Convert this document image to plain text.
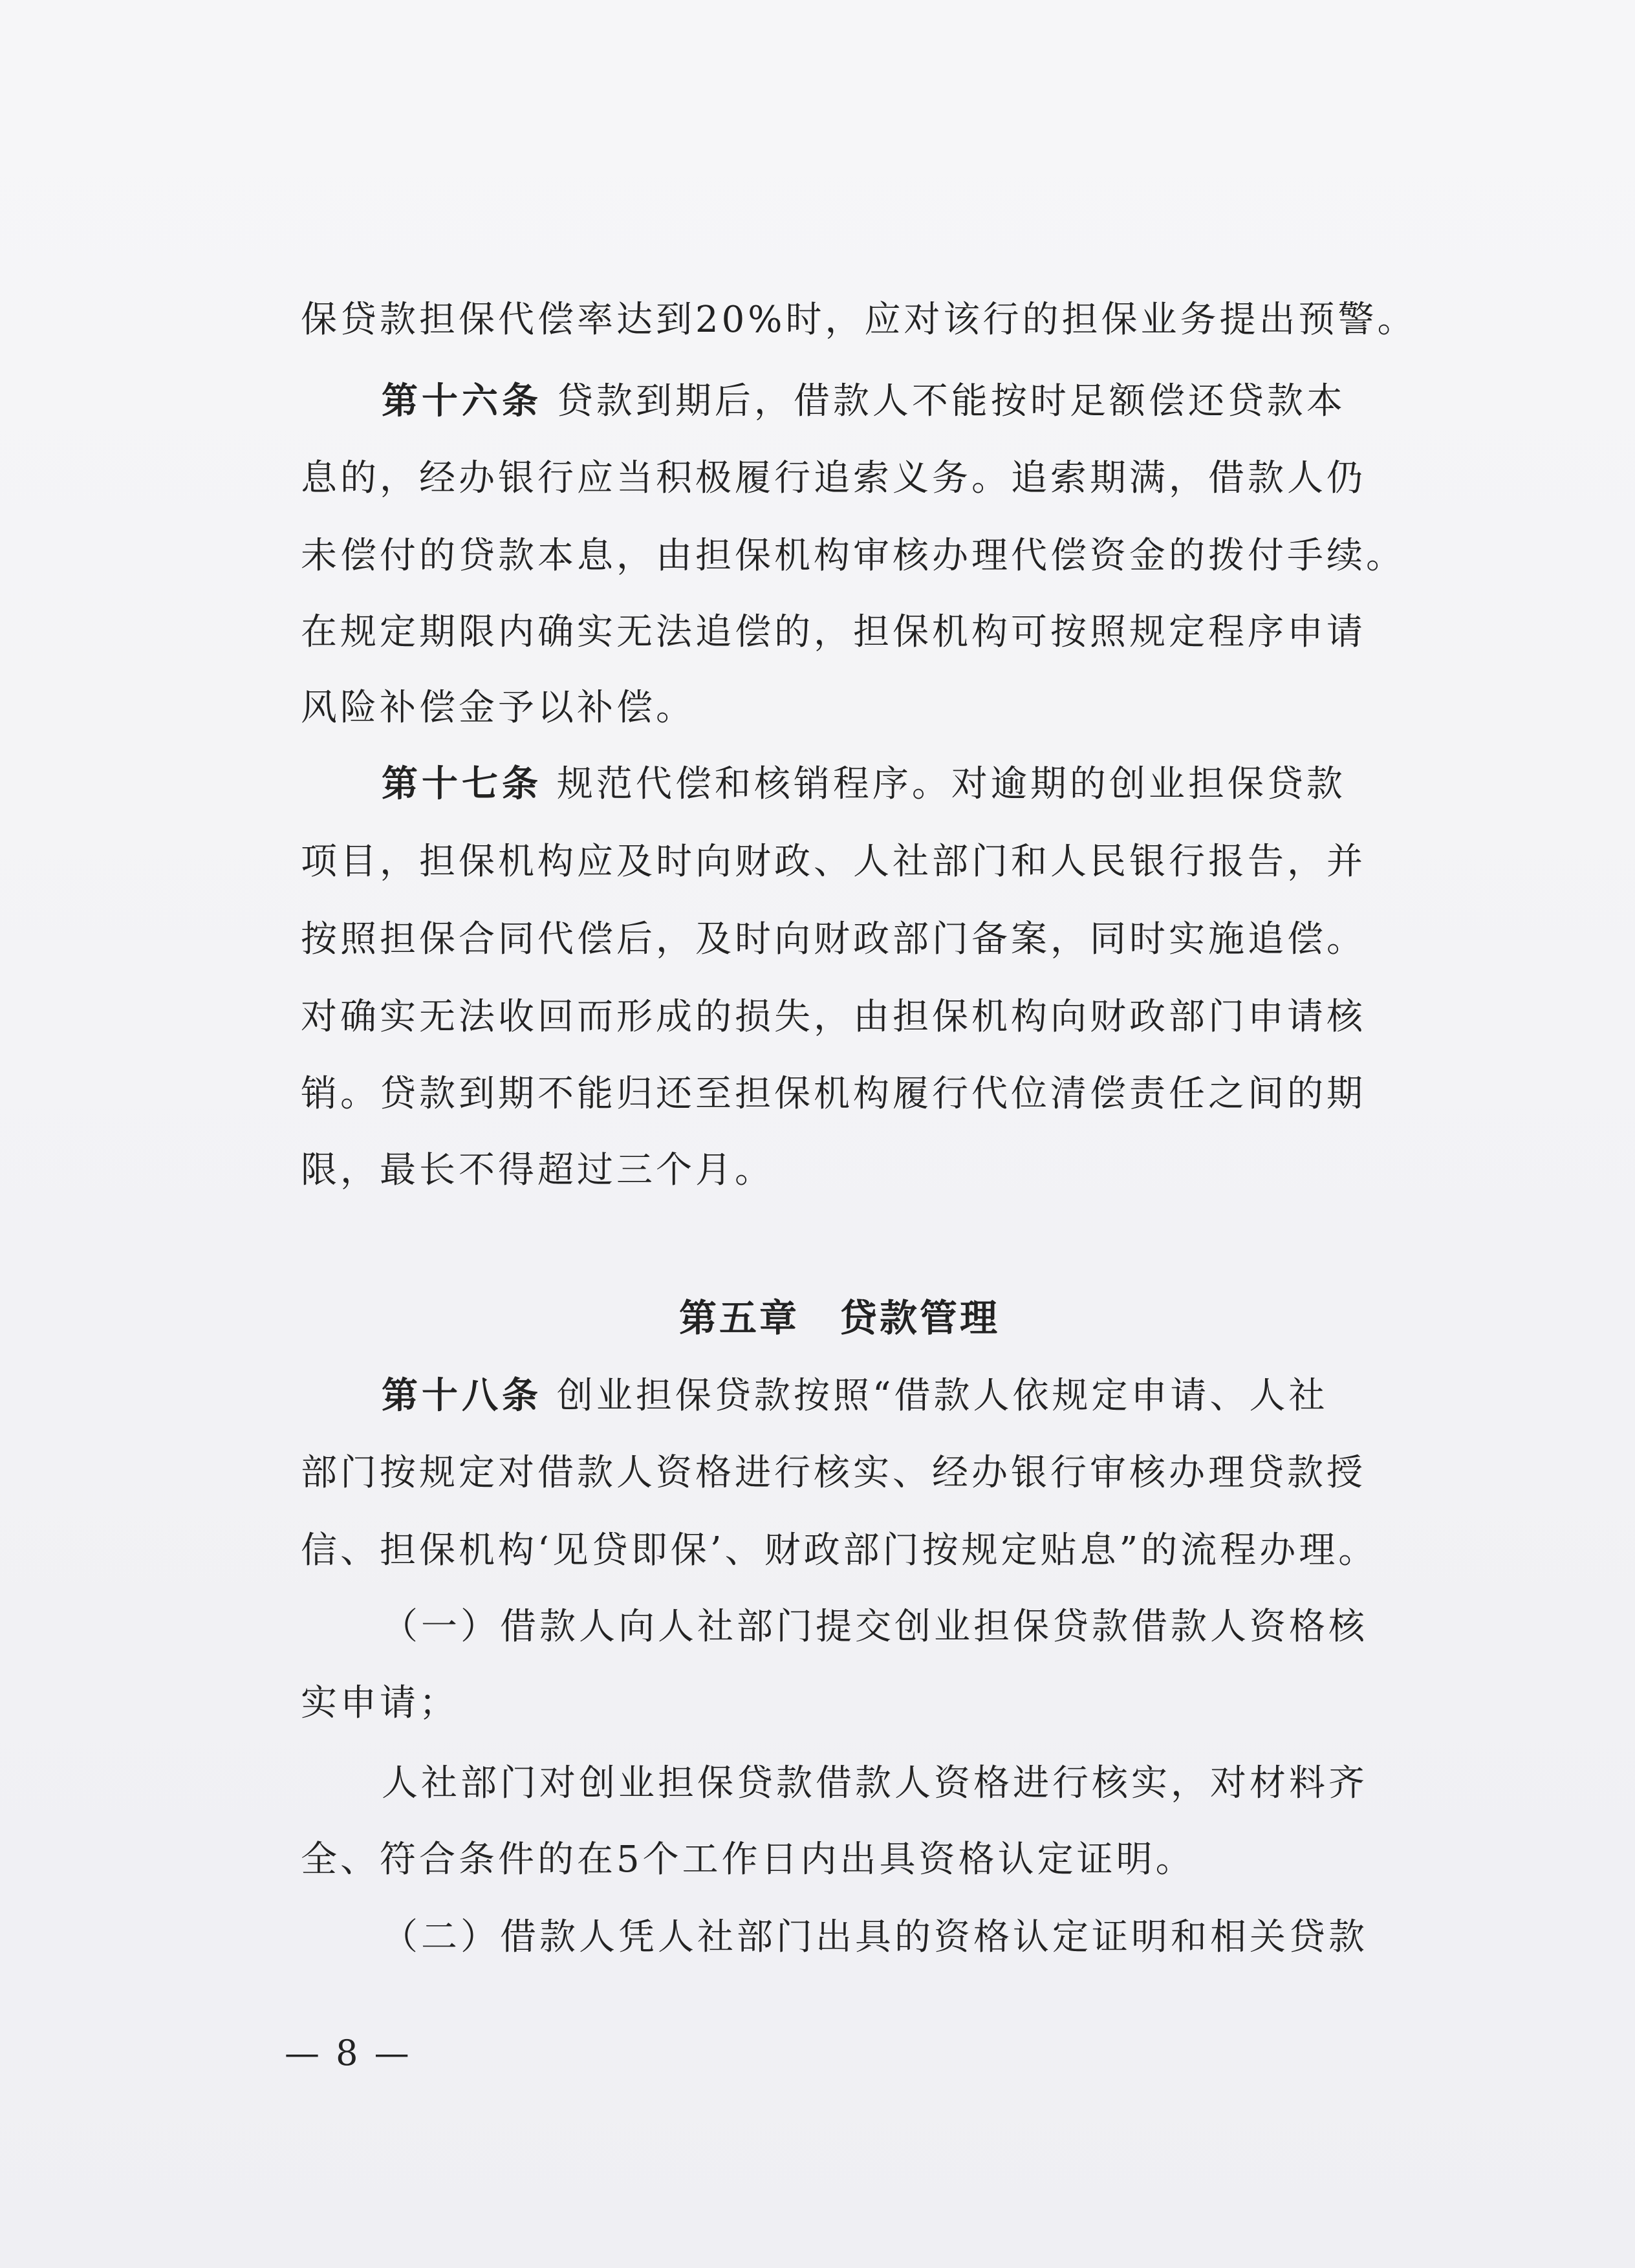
保贷款担保代偿率达到20%时，应对该行的担保业务提出预警。
第十六条 贷款到期后，借款人不能按时足额偿还贷款本
息的，经办银行应当积极履行追索义务。追索期满，借款人仍
未偿付的贷款本息，由担保机构审核办理代偿资金的拨付手续。
在规定期限内确实无法追偿的，担保机构可按照规定程序申请
风险补偿金予以补偿。
第十七条 规范代偿和核销程序。对逾期的创业担保贷款
项目，担保机构应及时向财政、人社部门和人民银行报告，并
按照担保合同代偿后，及时向财政部门备案，同时实施追偿。
对确实无法收回而形成的损失，由担保机构向财政部门申请核
销。贷款到期不能归还至担保机构履行代位清偿责任之间的期
限，最长不得超过三个月。
第五章　贷款管理
第十八条 创业担保贷款按照“借款人依规定申请、人社
部门按规定对借款人资格进行核实、经办银行审核办理贷款授
信、担保机构‘见贷即保’、财政部门按规定贴息”的流程办理。
（一）借款人向人社部门提交创业担保贷款借款人资格核
实申请；
人社部门对创业担保贷款借款人资格进行核实，对材料齐
全、符合条件的在5个工作日内出具资格认定证明。
（二）借款人凭人社部门出具的资格认定证明和相关贷款
— 8 —
